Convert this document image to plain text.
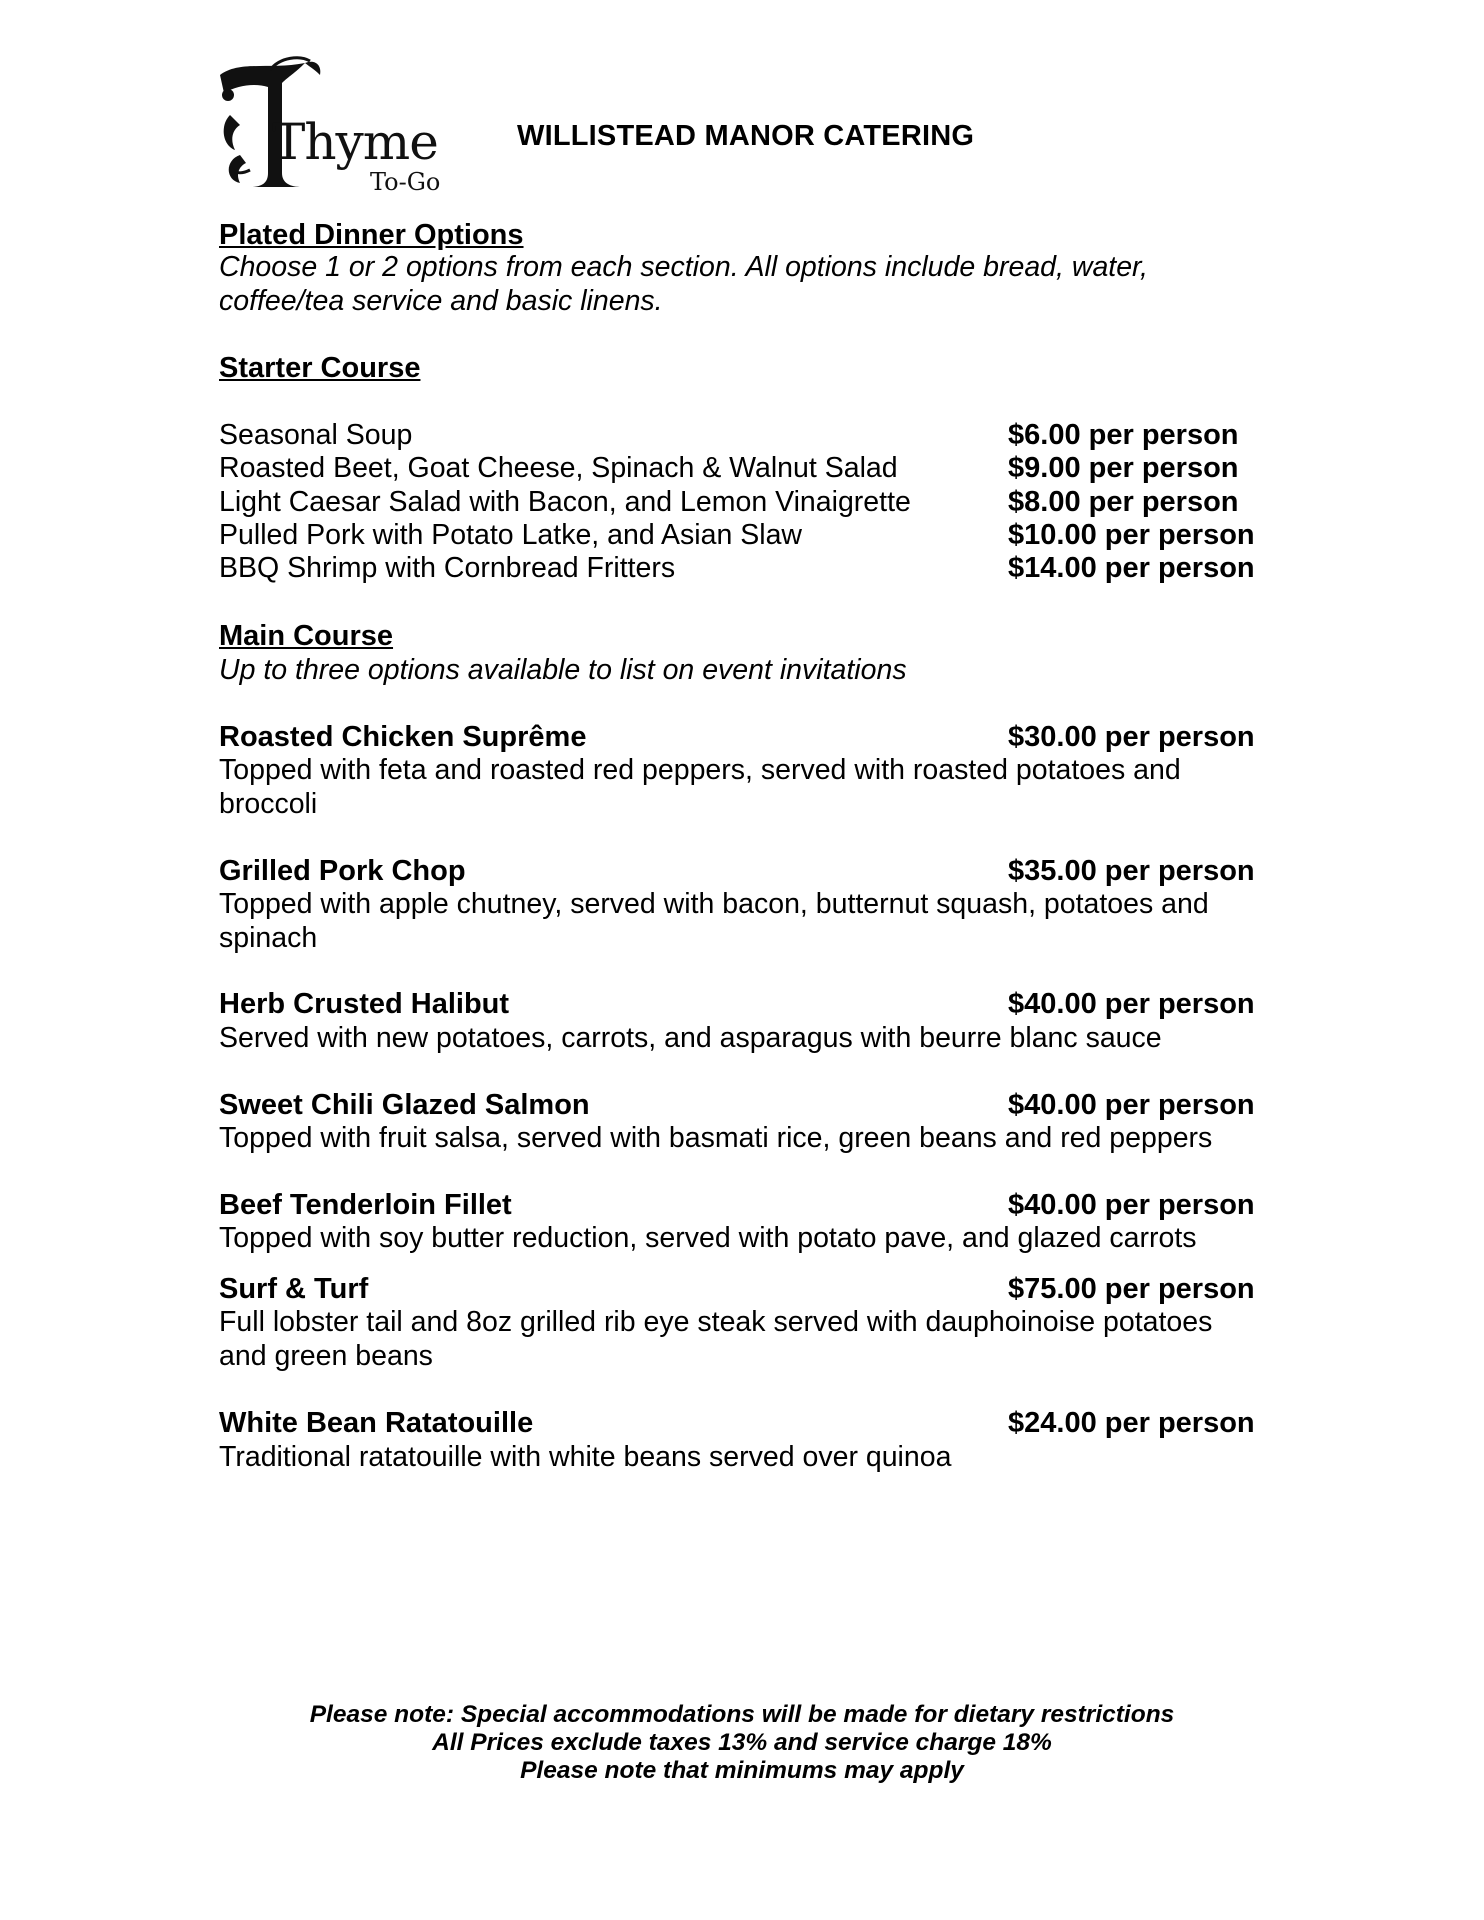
Thyme
To-Go
WILLISTEAD MANOR CATERING
Plated Dinner Options
Choose 1 or 2 options from each section. All options include bread, water, coffee/tea service and basic linens.
Starter Course
Seasonal Soup	$6.00 per person
Roasted Beet, Goat Cheese, Spinach & Walnut Salad	$9.00 per person
Light Caesar Salad with Bacon, and Lemon Vinaigrette	$8.00 per person
Pulled Pork with Potato Latke, and Asian Slaw	$10.00 per person
BBQ Shrimp with Cornbread Fritters	$14.00 per person
Main Course
Up to three options available to list on event invitations
Roasted Chicken Suprême	$30.00 per person
Topped with feta and roasted red peppers, served with roasted potatoes and broccoli
Grilled Pork Chop	$35.00 per person
Topped with apple chutney, served with bacon, butternut squash, potatoes and spinach
Herb Crusted Halibut	$40.00 per person
Served with new potatoes, carrots, and asparagus with beurre blanc sauce
Sweet Chili Glazed Salmon	$40.00 per person
Topped with fruit salsa, served with basmati rice, green beans and red peppers
Beef Tenderloin Fillet	$40.00 per person
Topped with soy butter reduction, served with potato pave, and glazed carrots
Surf & Turf	$75.00 per person
Full lobster tail and 8oz grilled rib eye steak served with dauphoinoise potatoes and green beans
White Bean Ratatouille	$24.00 per person
Traditional ratatouille with white beans served over quinoa
Please note: Special accommodations will be made for dietary restrictions
All Prices exclude taxes 13% and service charge 18%
Please note that minimums may apply
